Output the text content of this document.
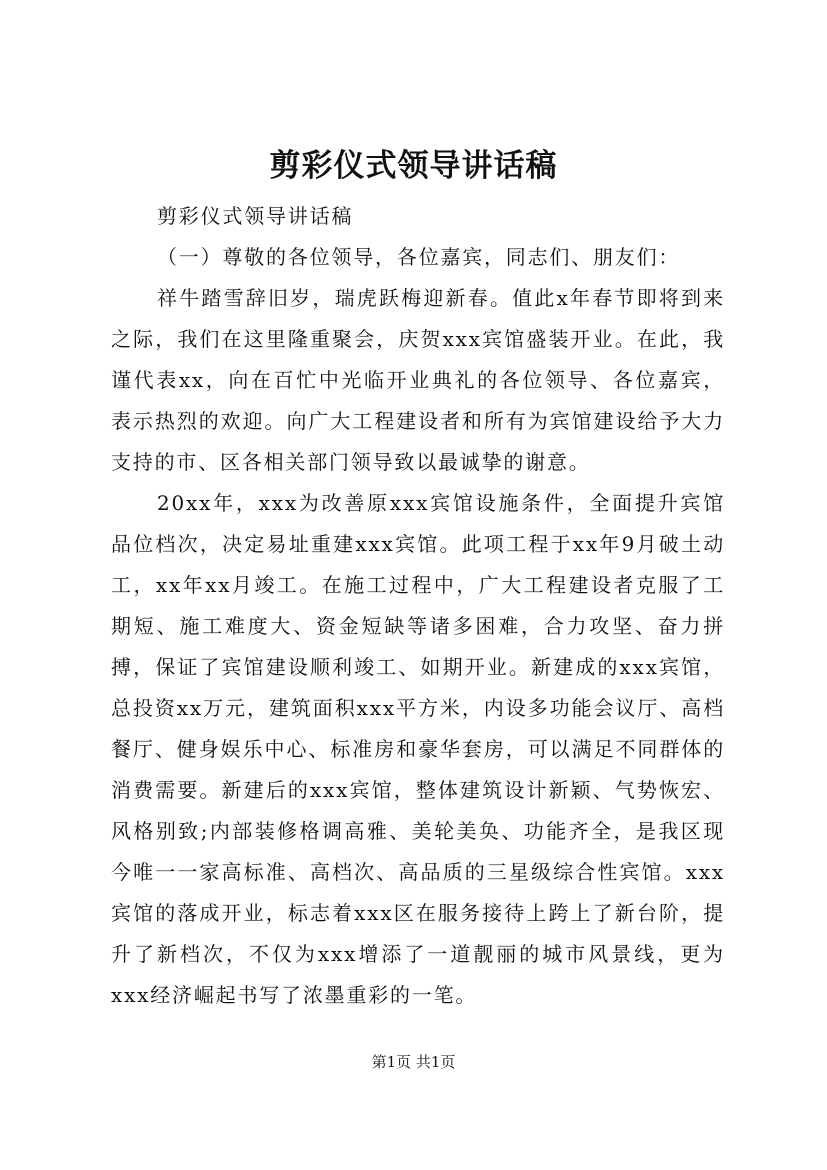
剪彩仪式领导讲话稿

剪彩仪式领导讲话稿

（一）尊敬的各位领导，各位嘉宾，同志们、朋友们：

祥牛踏雪辞旧岁，瑞虎跃梅迎新春。值此x年春节即将到来之际，我们在这里隆重聚会，庆贺xxx宾馆盛装开业。在此，我谨代表xx，向在百忙中光临开业典礼的各位领导、各位嘉宾，表示热烈的欢迎。向广大工程建设者和所有为宾馆建设给予大力支持的市、区各相关部门领导致以最诚挚的谢意。

20xx年，xxx为改善原xxx宾馆设施条件，全面提升宾馆品位档次，决定易址重建xxx宾馆。此项工程于xx年9月破土动工，xx年xx月竣工。在施工过程中，广大工程建设者克服了工期短、施工难度大、资金短缺等诸多困难，合力攻坚、奋力拼搏，保证了宾馆建设顺利竣工、如期开业。新建成的xxx宾馆，总投资xx万元，建筑面积xxx平方米，内设多功能会议厅、高档餐厅、健身娱乐中心、标准房和豪华套房，可以满足不同群体的消费需要。新建后的xxx宾馆，整体建筑设计新颖、气势恢宏、风格别致;内部装修格调高雅、美轮美奂、功能齐全，是我区现今唯一一家高标准、高档次、高品质的三星级综合性宾馆。xxx宾馆的落成开业，标志着xxx区在服务接待上跨上了新台阶，提升了新档次，不仅为xxx增添了一道靓丽的城市风景线，更为xxx经济崛起书写了浓墨重彩的一笔。

第1页 共1页
